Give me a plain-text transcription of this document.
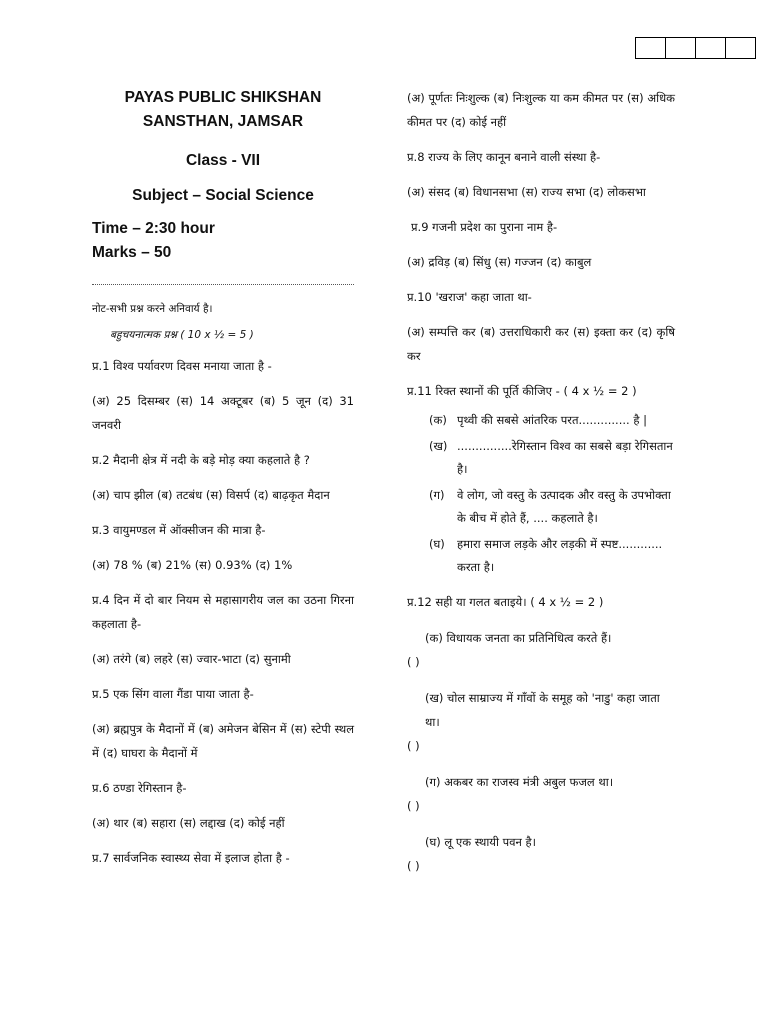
PAYAS PUBLIC SHIKSHAN
SANSTHAN, JAMSAR
Class - VII
Subject – Social Science
Time – 2:30 hour
Marks – 50
नोट-सभी प्रश्न करने अनिवार्य है।
बहुचयनात्मक प्रश्न ( 10 x ½ = 5 )
प्र.1 विश्व पर्यावरण दिवस मनाया जाता है -
(अ) 25 दिसम्बर (स) 14 अक्टूबर (ब) 5 जून (द) 31 जनवरी
प्र.2 मैदानी क्षेत्र में नदी के बड़े मोड़ क्या कहलाते है ?
(अ) चाप झील (ब) तटबंध (स) विसर्प (द) बाढ़कृत मैदान
प्र.3 वायुमण्डल में ऑक्सीजन की मात्रा है-
(अ) 78 % (ब) 21% (स) 0.93% (द) 1%
प्र.4 दिन में दो बार नियम से महासागरीय जल का उठना गिरना कहलाता है-
(अ) तरंगे (ब) लहरे (स) ज्वार-भाटा (द) सुनामी
प्र.5 एक सिंग वाला गैंडा पाया जाता है-
(अ) ब्रह्मपुत्र के मैदानों में (ब) अमेजन बेसिन में (स) स्टेपी स्थल में (द) घाघरा के मैदानों में
प्र.6 ठण्डा रेगिस्तान है-
(अ) थार (ब) सहारा (स) लद्दाख (द) कोई नहीं
प्र.7 सार्वजनिक स्वास्थ्य सेवा में इलाज होता है -
(अ) पूर्णतः निःशुल्क (ब) निःशुल्क या कम कीमत पर (स) अधिक कीमत पर (द) कोई नहीं
प्र.8 राज्य के लिए कानून बनाने वाली संस्था है-
(अ) संसद (ब) विधानसभा (स) राज्य सभा (द) लोकसभा
प्र.9 गजनी प्रदेश का पुराना नाम है-
(अ) द्रविड़ (ब) सिंधु (स) गज्जन (द) काबुल
प्र.10 'खराज' कहा जाता था-
(अ) सम्पत्ति कर (ब) उत्तराधिकारी कर (स) इक्ता कर (द) कृषि कर
प्र.11 रिक्त स्थानों की पूर्ति कीजिए - ( 4 x ½ = 2 )
(क) पृथ्वी की सबसे आंतरिक परत.............. है |
(ख) ...............रेगिस्तान विश्व का सबसे बड़ा रेगिसतान है।
(ग)	वे लोग, जो वस्तु के उत्पादक और वस्तु के उपभोक्ता के बीच में होते हैं, .... कहलाते है।
(घ)	हमारा समाज लड़के और लड़की में स्पष्ट............ करता है।
प्र.12 सही या गलत बताइये। ( 4 x ½ = 2 )
(क) विधायक जनता का प्रतिनिधित्व करते हैं।
( )
(ख) चोल साम्राज्य में गाँवों के समूह को 'नाडु' कहा जाता था।
( )
(ग) अकबर का राजस्व मंत्री अबुल फजल था।
( )
(घ) लू एक स्थायी पवन है।
( )
